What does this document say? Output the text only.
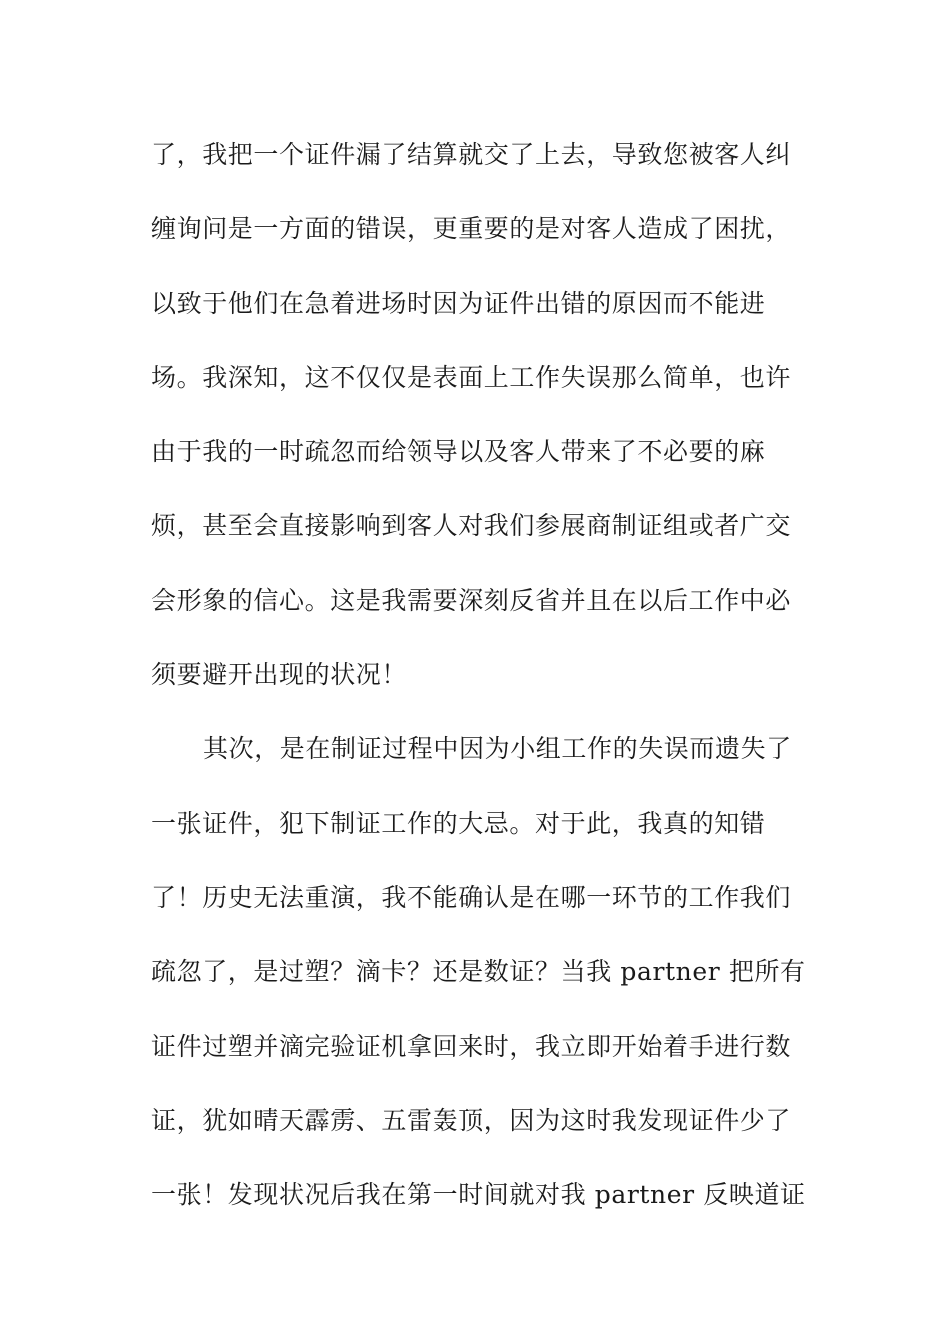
了，我把一个证件漏了结算就交了上去，导致您被客人纠
缠询问是一方面的错误，更重要的是对客人造成了困扰，
以致于他们在急着进场时因为证件出错的原因而不能进
场。我深知，这不仅仅是表面上工作失误那么简单，也许
由于我的一时疏忽而给领导以及客人带来了不必要的麻
烦，甚至会直接影响到客人对我们参展商制证组或者广交
会形象的信心。这是我需要深刻反省并且在以后工作中必
须要避开出现的状况！
其次，是在制证过程中因为小组工作的失误而遗失了
一张证件，犯下制证工作的大忌。对于此，我真的知错
了！历史无法重演，我不能确认是在哪一环节的工作我们
疏忽了，是过塑？滴卡？还是数证？当我 partner 把所有
证件过塑并滴完验证机拿回来时，我立即开始着手进行数
证，犹如晴天霹雳、五雷轰顶，因为这时我发现证件少了
一张！发现状况后我在第一时间就对我 partner 反映道证
